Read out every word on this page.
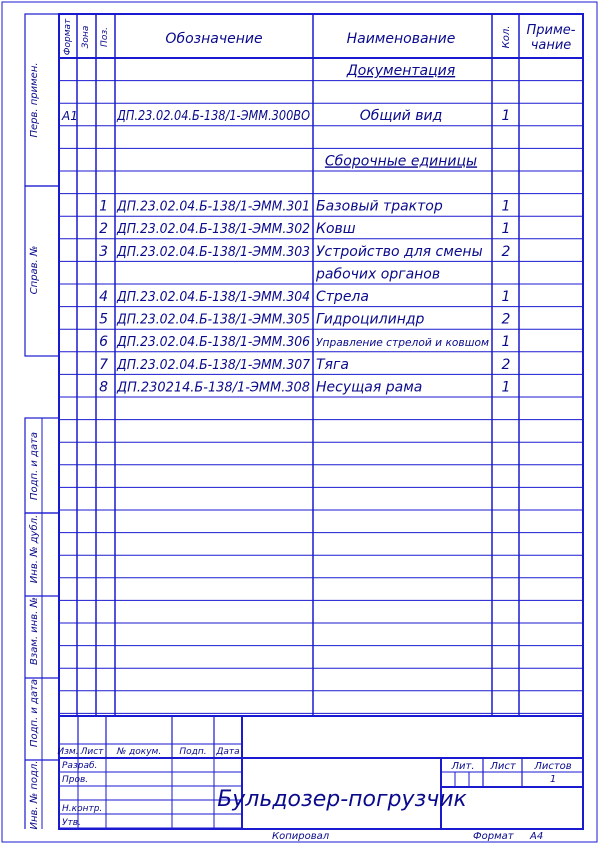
Формат Зона Поз.	Обозначение	Наименование	Кол. Приме-
чание
Перв. примен.
Справ. №
Подп. и дата
Инв. № дубл.
Взам. инв. №
Подп. и дата
Инв. № подл.
Документация
А1	ДП.23.02.04.Б-138/1-ЭММ.300ВО	Общий вид	1
Сборочные единицы
1 ДП.23.02.04.Б-138/1-ЭММ.301 Базовый трактор	1
2 ДП.23.02.04.Б-138/1-ЭММ.302 Ковш	1
3 ДП.23.02.04.Б-138/1-ЭММ.303 Устройство для смены 2
рабочих органов
4 ДП.23.02.04.Б-138/1-ЭММ.304 Стрела	1
5 ДП.23.02.04.Б-138/1-ЭММ.305 Гидроцилиндр	2
6 ДП.23.02.04.Б-138/1-ЭММ.306 Управление стрелой и ковшом 1
7 ДП.23.02.04.Б-138/1-ЭММ.307 Тяга	2
8 ДП.230214.Б-138/1-ЭММ.308 Несущая рама	1
Изм. Лист № докум. Подп. Дата
Разраб.
Пров.
Н.контр.
Утв.
Бульдозер-погрузчик
Лит. Лист Листов
1
Копировал	Формат А4
